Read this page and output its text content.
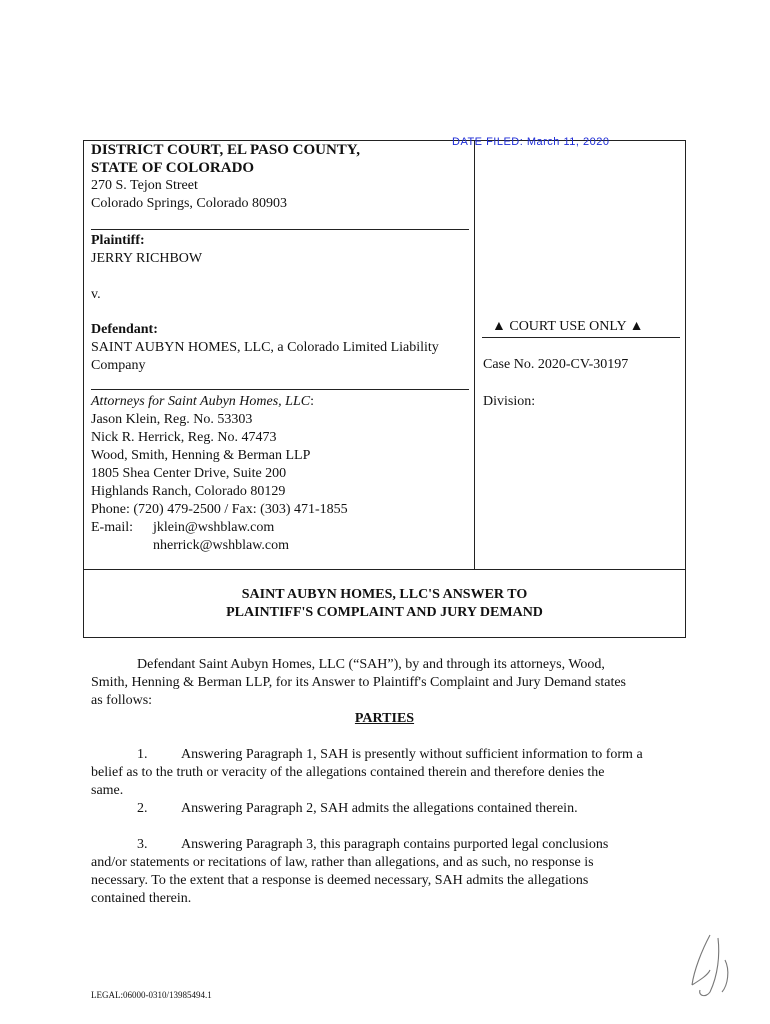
DATE FILED: March 11, 2020
DISTRICT COURT, EL PASO COUNTY,
STATE OF COLORADO
270 S. Tejon Street
Colorado Springs, Colorado 80903
Plaintiff:
JERRY RICHBOW
v.
Defendant:
SAINT AUBYN HOMES, LLC, a Colorado Limited Liability
Company
Attorneys for Saint Aubyn Homes, LLC:
Jason Klein, Reg. No. 53303
Nick R. Herrick, Reg. No. 47473
Wood, Smith, Henning & Berman LLP
1805 Shea Center Drive, Suite 200
Highlands Ranch, Colorado 80129
Phone: (720) 479-2500 / Fax: (303) 471-1855
E-mail: jklein@wshblaw.com
nherrick@wshblaw.com
▲ COURT USE ONLY ▲
Case No. 2020-CV-30197
Division:
SAINT AUBYN HOMES, LLC'S ANSWER TO
PLAINTIFF'S COMPLAINT AND JURY DEMAND
Defendant Saint Aubyn Homes, LLC (“SAH”), by and through its attorneys, Wood,
Smith, Henning & Berman LLP, for its Answer to Plaintiff's Complaint and Jury Demand states
as follows:
PARTIES
1. Answering Paragraph 1, SAH is presently without sufficient information to form a
belief as to the truth or veracity of the allegations contained therein and therefore denies the
same.
2. Answering Paragraph 2, SAH admits the allegations contained therein.
3. Answering Paragraph 3, this paragraph contains purported legal conclusions
and/or statements or recitations of law, rather than allegations, and as such, no response is
necessary. To the extent that a response is deemed necessary, SAH admits the allegations
contained therein.
LEGAL:06000-0310/13985494.1
